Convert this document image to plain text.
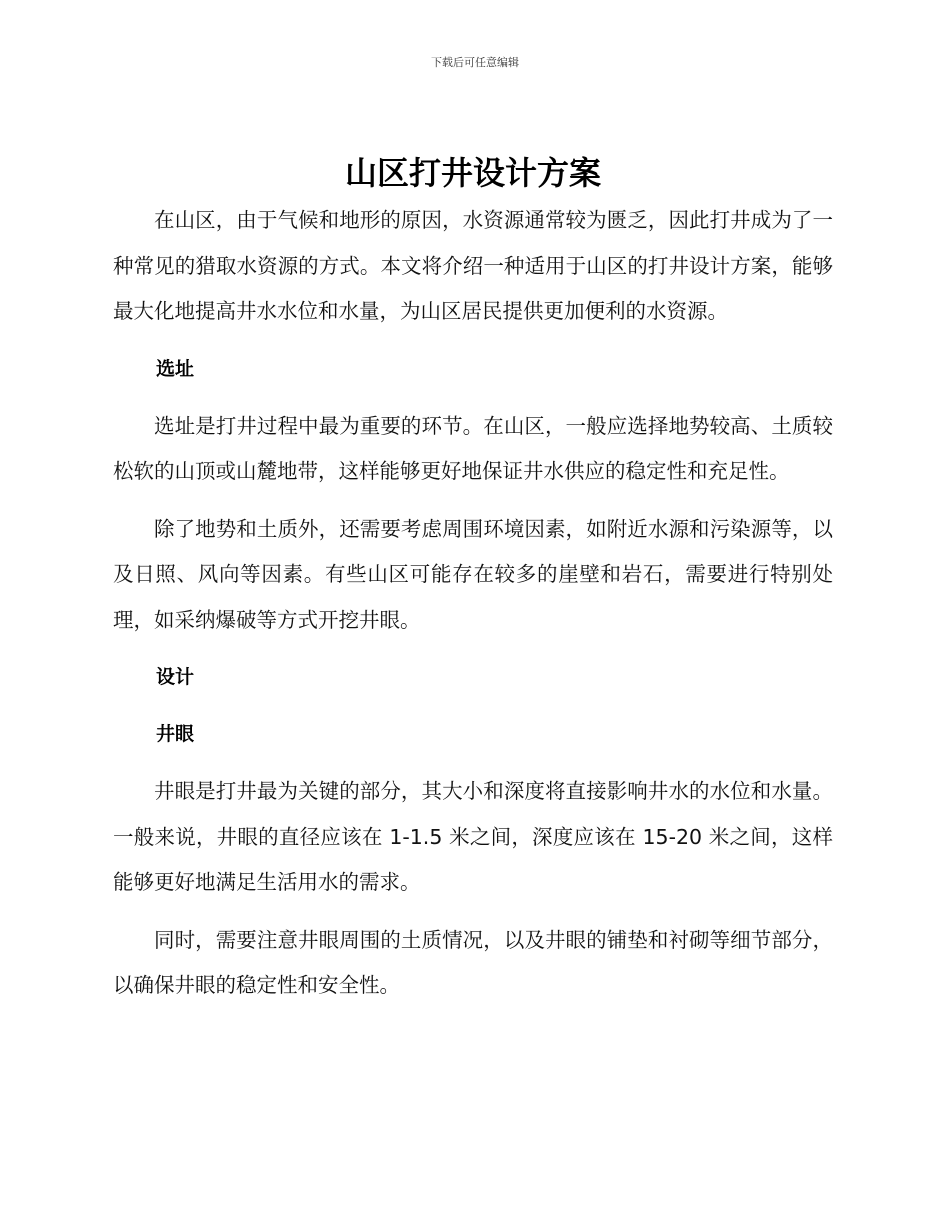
下载后可任意编辑
山区打井设计方案

在山区，由于气候和地形的原因，水资源通常较为匮乏，因此打井成为了一种常见的猎取水资源的方式。本文将介绍一种适用于山区的打井设计方案，能够最大化地提高井水水位和水量，为山区居民提供更加便利的水资源。

选址

选址是打井过程中最为重要的环节。在山区，一般应选择地势较高、土质较松软的山顶或山麓地带，这样能够更好地保证井水供应的稳定性和充足性。

除了地势和土质外，还需要考虑周围环境因素，如附近水源和污染源等，以及日照、风向等因素。有些山区可能存在较多的崖壁和岩石，需要进行特别处理，如采纳爆破等方式开挖井眼。

设计
井眼

井眼是打井最为关键的部分，其大小和深度将直接影响井水的水位和水量。一般来说，井眼的直径应该在 1-1.5 米之间，深度应该在 15-20 米之间，这样能够更好地满足生活用水的需求。

同时，需要注意井眼周围的土质情况，以及井眼的铺垫和衬砌等细节部分，以确保井眼的稳定性和安全性。
